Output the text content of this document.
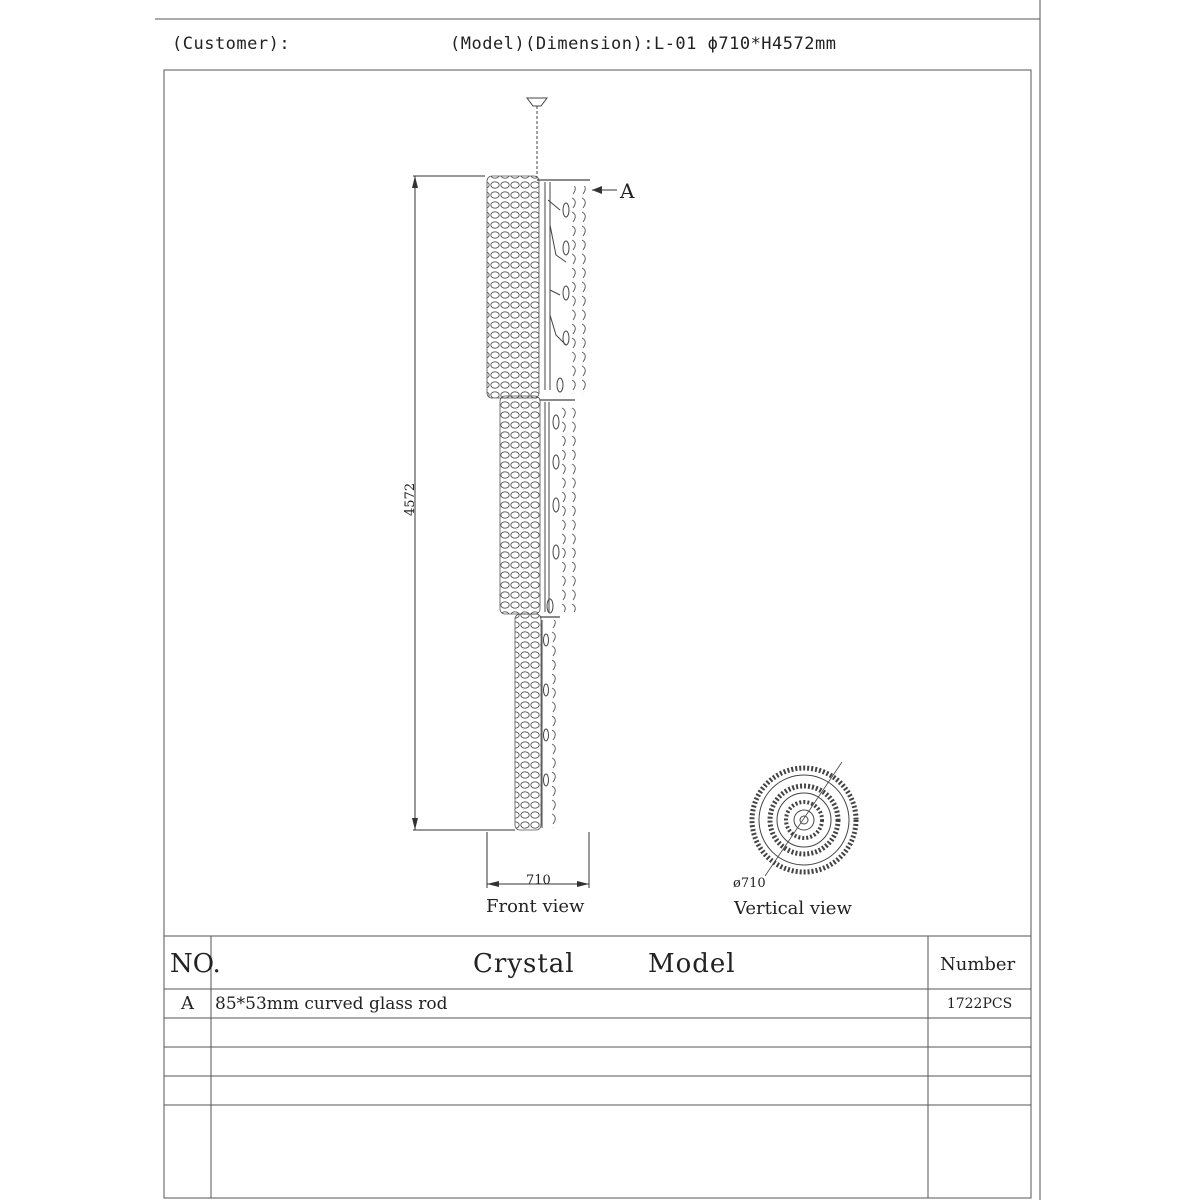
(Customer):	(Model)(Dimension):L-01 ϕ710*H4572mm
A
4572
710	ø710
Front view	Vertical view
NO.	Crystal	Model	Number
A	85*53mm curved glass rod	1722PCS
